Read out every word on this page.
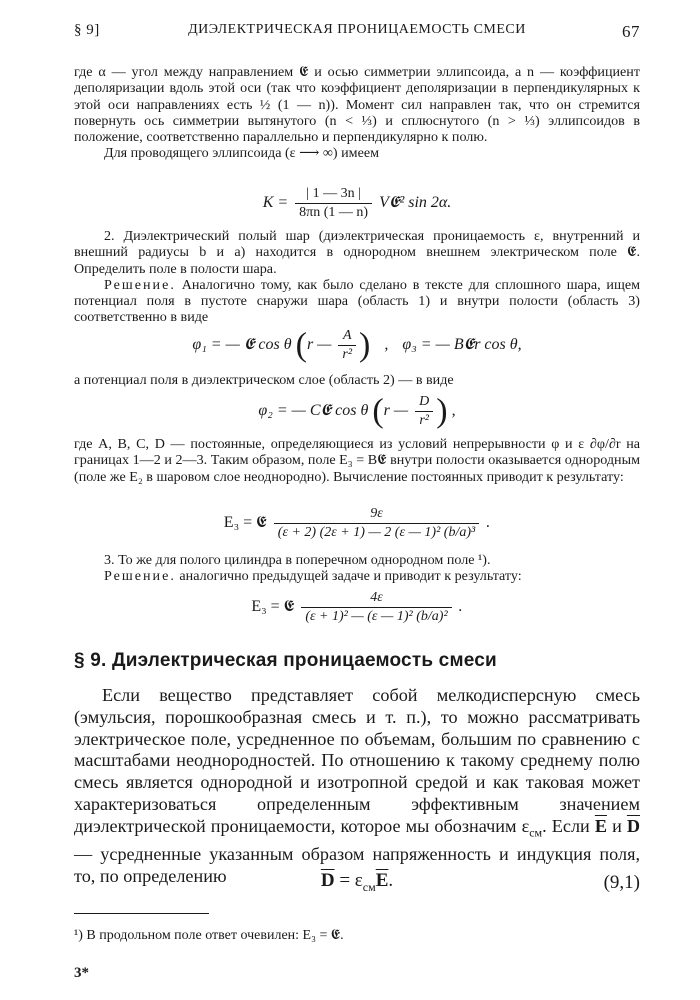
§ 9]	ДИЭЛЕКТРИЧЕСКАЯ ПРОНИЦАЕМОСТЬ СМЕСИ	67

где α — угол между направлением 𝕰 и осью симметрии эллипсоида, а n — коэффициент деполяризации вдоль этой оси (так что коэффициент деполяризации в перпендикулярных к этой оси направлениях есть ½ (1 — n)). Момент сил направлен так, что он стремится повернуть ось симметрии вытянутого (n < ⅓) и сплюснутого (n > ⅓) эллипсоидов в положение, соответственно параллельно и перпендикулярно к полю.

Для проводящего эллипсоида (ε ⟶ ∞) имеем

$K = \frac{| 1 — 3n |}{8\pi n (1 — n)}$ V𝕰² sin 2α.

2. Диэлектрический полый шар (диэлектрическая проницаемость ε, внутренний и внешний радиусы b и a) находится в однородном внешнем электрическом поле 𝕰. Определить поле в полости шара.

Решение. Аналогично тому, как было сделано в тексте для сплошного шара, ищем потенциал поля в пустоте снаружи шара (область 1) и внутри полости (область 3) соответственно в виде

φ₁ = — 𝕰 cos θ (r — $\frac{A}{\text{r²}}$ ) , φ₃ = — B𝕰r cos θ,

а потенциал поля в диэлектрическом слое (область 2) — в виде

φ₂ = — C𝕰 cos θ (r — $\frac{D}{\text{r²}}$ ) ,

где A, B, C, D — постоянные, определяющиеся из условий непрерывности φ и ε ∂φ/∂r на границах 1—2 и 2—3. Таким образом, поле E₃ = B𝕰 внутри полости оказывается однородным (поле же E₂ в шаровом слое неоднородно). Вычисление постоянных приводит к результату:

E₃ = 𝕰 $\frac{9\varepsilon}{\text{(ε + 2) (2ε + 1) — 2 (ε — 1)² (b/a)³}}$ .

3. То же для полого цилиндра в поперечном однородном поле ¹).

Решение. аналогично предыдущей задаче и приводит к результату:

E₃ = 𝕰 $\frac{4\varepsilon}{\text{(ε + 1)² — (ε — 1)² (b/a)²}}$ .
§ 9. Диэлектрическая проницаемость смеси

Если вещество представляет собой мелкодисперсную смесь (эмульсия, порошкообразная смесь и т. п.), то можно рассматривать электрическое поле, усредненное по объемам, большим по сравнению с масштабами неоднородностей. По отношению к такому среднему полю смесь является однородной и изотропной средой и как таковая может характеризоваться определенным эффективным значением диэлектрической проницаемости, которое мы обозначим $\varepsilon_{см}$. Если $\overline{E}$ и $\overline{D}—$ усредненные указанным образом напряженность и индукция поля, то, по определению	$\overline{D} = \varepsilon_{см}\overline{E}$.	(9,1)
¹) В продольном поле ответ очевилен: E₃ = 𝕰.
3*
